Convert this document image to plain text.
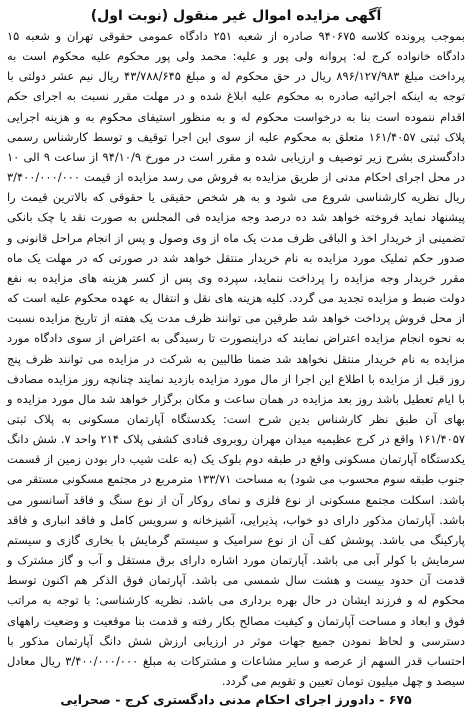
آگهی مزایده اموال غیر منقول (نوبت اول)

بموجب پرونده کلاسه ۹۴۰۶۷۵ صادره از شعبه ۲۵۱ دادگاه عمومی حقوقی تهران و شعبه ۱۵ دادگاه خانواده کرج له: پروانه ولی پور و علیه: محمد ولی پور محکوم علیه محکوم است به پرداخت مبلغ ۸۹۶/۱۲۷/۹۸۳ ریال در حق محکوم له و مبلغ ۴۳/۷۸۸/۶۴۵ ریال نیم عشر دولتی با توجه به اینکه اجرائیه صادره به محکوم علیه ابلاغ شده و در مهلت مقرر نسبت به اجرای حکم اقدام ننموده است بنا به درخواست محکوم له و به منظور استیفای محکوم به و هزینه اجرایی پلاک ثبتی ۱۶۱/۴۰۵۷ متعلق به محکوم علیه از سوی این اجرا توقیف و توسط کارشناس رسمی دادگستری بشرح زیر توصیف و ارزیابی شده و مقرر است در مورخ ۹۴/۱۰/۹ از ساعت ۹ الی ۱۰ در محل اجرای احکام مدنی از طریق مزایده به فروش می رسد مزایده از قیمت ۳/۴۰۰/۰۰۰/۰۰۰ ریال نظریه کارشناسی شروع می شود و به هر شخص حقیقی یا حقوقی که بالاترین قیمت را پیشنهاد نماید فروخته خواهد شد ده درصد وجه مزایده فی المجلس به صورت نقد یا چک بانکی تضمینی از خریدار اخذ و الباقی ظرف مدت یک ماه از وی وصول و پس از انجام مراحل قانونی و صدور حکم تملیک مورد مزایده به نام خریدار منتقل خواهد شد در صورتی که در مهلت یک ماه مقرر خریدار وجه مزایده را پرداخت ننماید، سپرده وی پس از کسر هزینه های مزایده به نفع دولت ضبط و مزایده تجدید می گردد. کلیه هزینه های نقل و انتقال به عهده محکوم علیه است که از محل فروش پرداخت خواهد شد طرفین می توانند ظرف مدت یک هفته از تاریخ مزایده نسبت به نحوه انجام مزایده اعتراض نمایند که دراینصورت تا رسیدگی به اعتراض از سوی دادگاه مورد مزایده به نام خریدار منتقل نخواهد شد ضمنا طالبین به شرکت در مزایده می توانند ظرف پنج روز قبل از مزایده با اطلاع این اجرا از مال مورد مزایده بازدید نمایند چنانچه روز مزایده مصادف با ایام تعطیل باشد روز بعد مزایده در همان ساعت و مکان برگزار خواهد شد مال مورد مزایده و بهای آن طبق نظر کارشناس بدین شرح است: یکدستگاه آپارتمان مسکونی به پلاک ثبتی ۱۶۱/۴۰۵۷ واقع در کرج عظیمیه میدان مهران روبروی قنادی کشفی پلاک ۲۱۴ واحد ۷. شش دانگ یکدستگاه آپارتمان مسکونی واقع در طبقه دوم بلوک یک (به علت شیب دار بودن زمین از قسمت جنوب طبقه سوم محسوب می شود) به مساحت ۱۳۳/۷۱ مترمربع در مجتمع مسکونی مستقر می باشد. اسکلت مجتمع مسکونی از نوع فلزی و نمای روکار آن از نوع سنگ و فاقد آسانسور می باشد. آپارتمان مذکور دارای دو خواب، پذیرایی، آشپزخانه و سرویس کامل و فاقد انباری و فاقد پارکینگ می باشد. پوشش کف آن از نوع سرامیک و سیستم گرمایش با بخاری گازی و سیستم سرمایش با کولر آبی می باشد. آپارتمان مورد اشاره دارای برق مستقل و آب و گاز مشترک و قدمت آن حدود بیست و هشت سال شمسی می باشد. آپارتمان فوق الذکر هم اکنون توسط محکوم له و فرزند ایشان در حال بهره برداری می باشد. نظریه کارشناسی: با توجه به مراتب فوق و ابعاد و مساحت آپارتمان و کیفیت مصالح بکار رفته و قدمت بنا موقعیت و وضعیت راههای دسترسی و لحاظ نمودن جمیع جهات موثر در ارزیابی ارزش شش دانگ آپارتمان مذکور با احتساب قدر السهم از عرصه و سایر مشاعات و مشترکات به مبلغ ۳/۴۰۰/۰۰۰/۰۰۰ ریال معادل سیصد و چهل میلیون تومان تعیین و تقویم می گردد.

۶۷۵ - دادورز اجرای احکام مدنی دادگستری کرج - صحرایی
